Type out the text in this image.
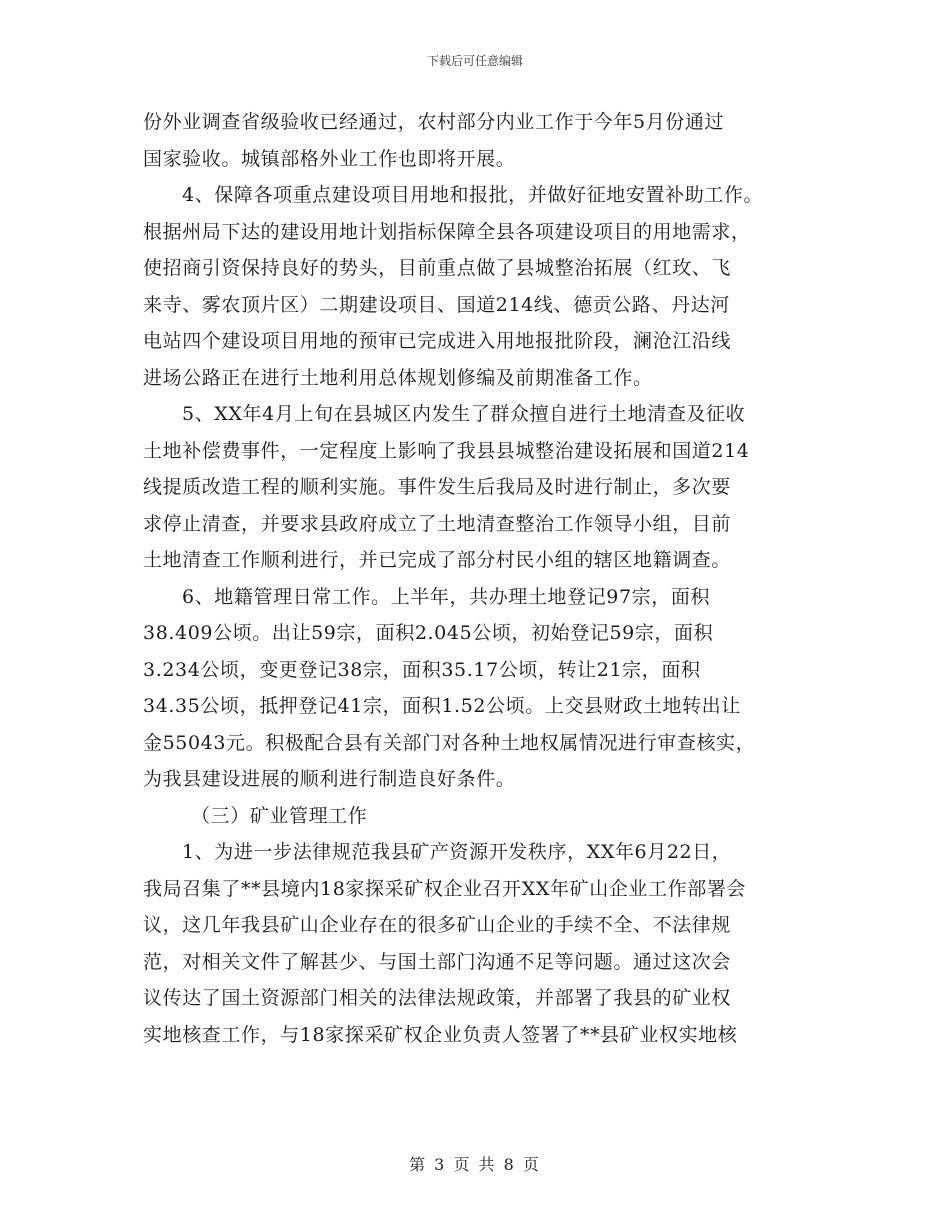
下载后可任意编辑
份外业调查省级验收已经通过，农村部分内业工作于今年5月份通过
国家验收。城镇部格外业工作也即将开展。
4、保障各项重点建设项目用地和报批，并做好征地安置补助工作。
根据州局下达的建设用地计划指标保障全县各项建设项目的用地需求，
使招商引资保持良好的势头，目前重点做了县城整治拓展（红玫、飞
来寺、雾农顶片区）二期建设项目、国道214线、德贡公路、丹达河
电站四个建设项目用地的预审已完成进入用地报批阶段，澜沧江沿线
进场公路正在进行土地利用总体规划修编及前期准备工作。
5、XX年4月上旬在县城区内发生了群众擅自进行土地清查及征收
土地补偿费事件，一定程度上影响了我县县城整治建设拓展和国道214
线提质改造工程的顺利实施。事件发生后我局及时进行制止，多次要
求停止清查，并要求县政府成立了土地清查整治工作领导小组，目前
土地清查工作顺利进行，并已完成了部分村民小组的辖区地籍调查。
6、地籍管理日常工作。上半年，共办理土地登记97宗，面积
38.409公顷。出让59宗，面积2.045公顷，初始登记59宗，面积
3.234公顷，变更登记38宗，面积35.17公顷，转让21宗，面积
34.35公顷，抵押登记41宗，面积1.52公顷。上交县财政土地转出让
金55043元。积极配合县有关部门对各种土地权属情况进行审查核实，
为我县建设进展的顺利进行制造良好条件。
（三）矿业管理工作
1、为进一步法律规范我县矿产资源开发秩序，XX年6月22日，
我局召集了**县境内18家探采矿权企业召开XX年矿山企业工作部署会
议，这几年我县矿山企业存在的很多矿山企业的手续不全、不法律规
范，对相关文件了解甚少、与国土部门沟通不足等问题。通过这次会
议传达了国土资源部门相关的法律法规政策，并部署了我县的矿业权
实地核查工作，与18家探采矿权企业负责人签署了**县矿业权实地核
第 3 页 共 8 页
